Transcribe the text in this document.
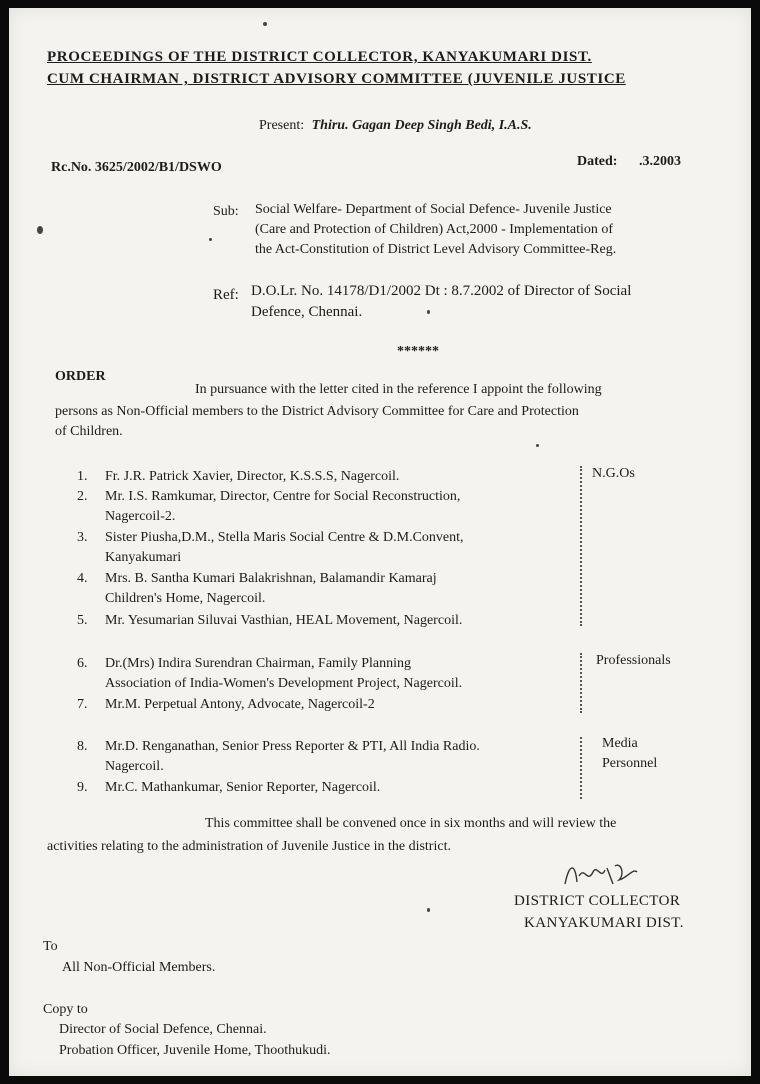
PROCEEDINGS OF THE DISTRICT COLLECTOR, KANYAKUMARI DIST.
CUM CHAIRMAN , DISTRICT ADVISORY COMMITTEE (JUVENILE JUSTICE
Present: Thiru. Gagan Deep Singh Bedi, I.A.S.
Rc.No. 3625/2002/B1/DSWO	Dated: .3.2003
Sub: Social Welfare- Department of Social Defence- Juvenile Justice
(Care and Protection of Children) Act,2000 - Implementation of
the Act-Constitution of District Level Advisory Committee-Reg.
Ref: D.O.Lr. No. 14178/D1/2002 Dt : 8.7.2002 of Director of Social
Defence, Chennai.
******
ORDER
In pursuance with the letter cited in the reference I appoint the following
persons as Non-Official members to the District Advisory Committee for Care and Protection
of Children.
1. Fr. J.R. Patrick Xavier, Director, K.S.S.S, Nagercoil.
2. Mr. I.S. Ramkumar, Director, Centre for Social Reconstruction,
Nagercoil-2.
3. Sister Piusha,D.M., Stella Maris Social Centre & D.M.Convent,
Kanyakumari
4. Mrs. B. Santha Kumari Balakrishnan, Balamandir Kamaraj
Children's Home, Nagercoil.
5. Mr. Yesumarian Siluvai Vasthian, HEAL Movement, Nagercoil.
6. Dr.(Mrs) Indira Surendran Chairman, Family Planning
Association of India-Women's Development Project, Nagercoil.
7. Mr.M. Perpetual Antony, Advocate, Nagercoil-2
8. Mr.D. Renganathan, Senior Press Reporter & PTI, All India Radio.
Nagercoil.
9. Mr.C. Mathankumar, Senior Reporter, Nagercoil.
N.G.Os
Professionals
Media
Personnel
This committee shall be convened once in six months and will review the
activities relating to the administration of Juvenile Justice in the district.
DISTRICT COLLECTOR
KANYAKUMARI DIST.
To
All Non-Official Members.
Copy to
Director of Social Defence, Chennai.
Probation Officer, Juvenile Home, Thoothukudi.
